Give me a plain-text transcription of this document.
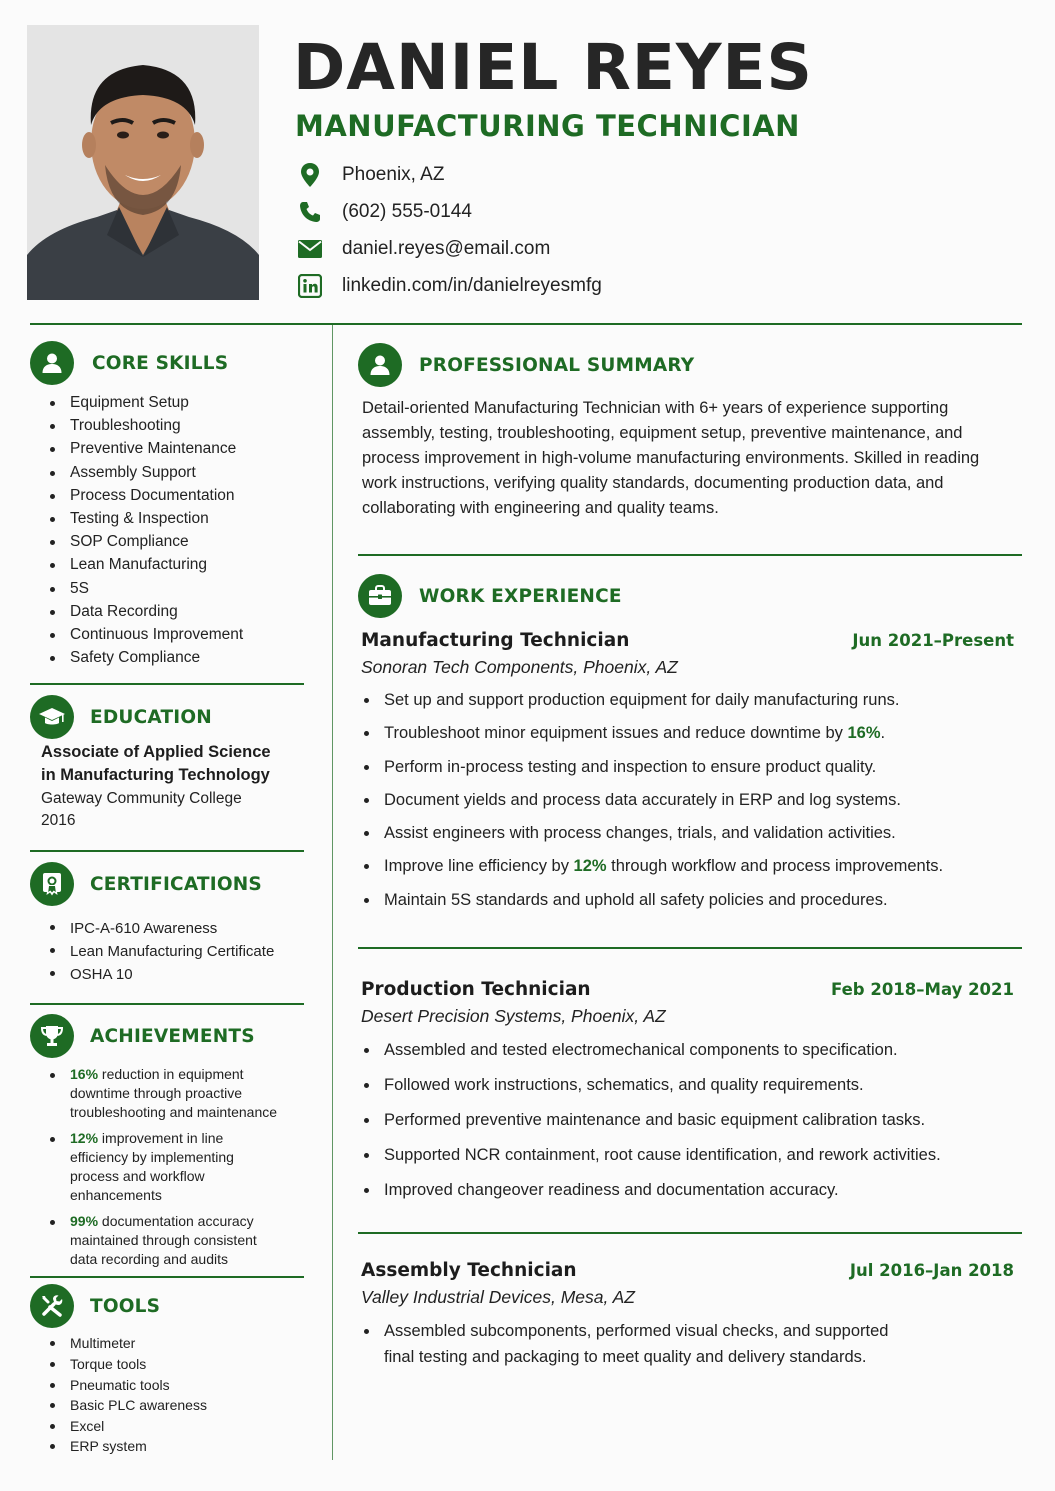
DANIEL REYES
MANUFACTURING TECHNICIAN
Phoenix, AZ
(602) 555-0144
daniel.reyes@email.com
linkedin.com/in/danielreyesmfg
CORE SKILLS
Equipment Setup
Troubleshooting
Preventive Maintenance
Assembly Support
Process Documentation
Testing & Inspection
SOP Compliance
Lean Manufacturing
5S
Data Recording
Continuous Improvement
Safety Compliance
EDUCATION
Associate of Applied Science
in Manufacturing Technology
Gateway Community College
2016
CERTIFICATIONS
IPC-A-610 Awareness
Lean Manufacturing Certificate
OSHA 10
ACHIEVEMENTS
16% reduction in equipment
downtime through proactive
troubleshooting and maintenance
12% improvement in line
efficiency by implementing
process and workflow
enhancements
99% documentation accuracy
maintained through consistent
data recording and audits
TOOLS
Multimeter
Torque tools
Pneumatic tools
Basic PLC awareness
Excel
ERP system
PROFESSIONAL SUMMARY
Detail-oriented Manufacturing Technician with 6+ years of experience supporting
assembly, testing, troubleshooting, equipment setup, preventive maintenance, and
process improvement in high-volume manufacturing environments. Skilled in reading
work instructions, verifying quality standards, documenting production data, and
collaborating with engineering and quality teams.
WORK EXPERIENCE
Manufacturing Technician	Jun 2021–Present
Sonoran Tech Components, Phoenix, AZ
Set up and support production equipment for daily manufacturing runs.
Troubleshoot minor equipment issues and reduce downtime by 16%.
Perform in-process testing and inspection to ensure product quality.
Document yields and process data accurately in ERP and log systems.
Assist engineers with process changes, trials, and validation activities.
Improve line efficiency by 12% through workflow and process improvements.
Maintain 5S standards and uphold all safety policies and procedures.
Production Technician	Feb 2018–May 2021
Desert Precision Systems, Phoenix, AZ
Assembled and tested electromechanical components to specification.
Followed work instructions, schematics, and quality requirements.
Performed preventive maintenance and basic equipment calibration tasks.
Supported NCR containment, root cause identification, and rework activities.
Improved changeover readiness and documentation accuracy.
Assembly Technician	Jul 2016–Jan 2018
Valley Industrial Devices, Mesa, AZ
Assembled subcomponents, performed visual checks, and supported
final testing and packaging to meet quality and delivery standards.
